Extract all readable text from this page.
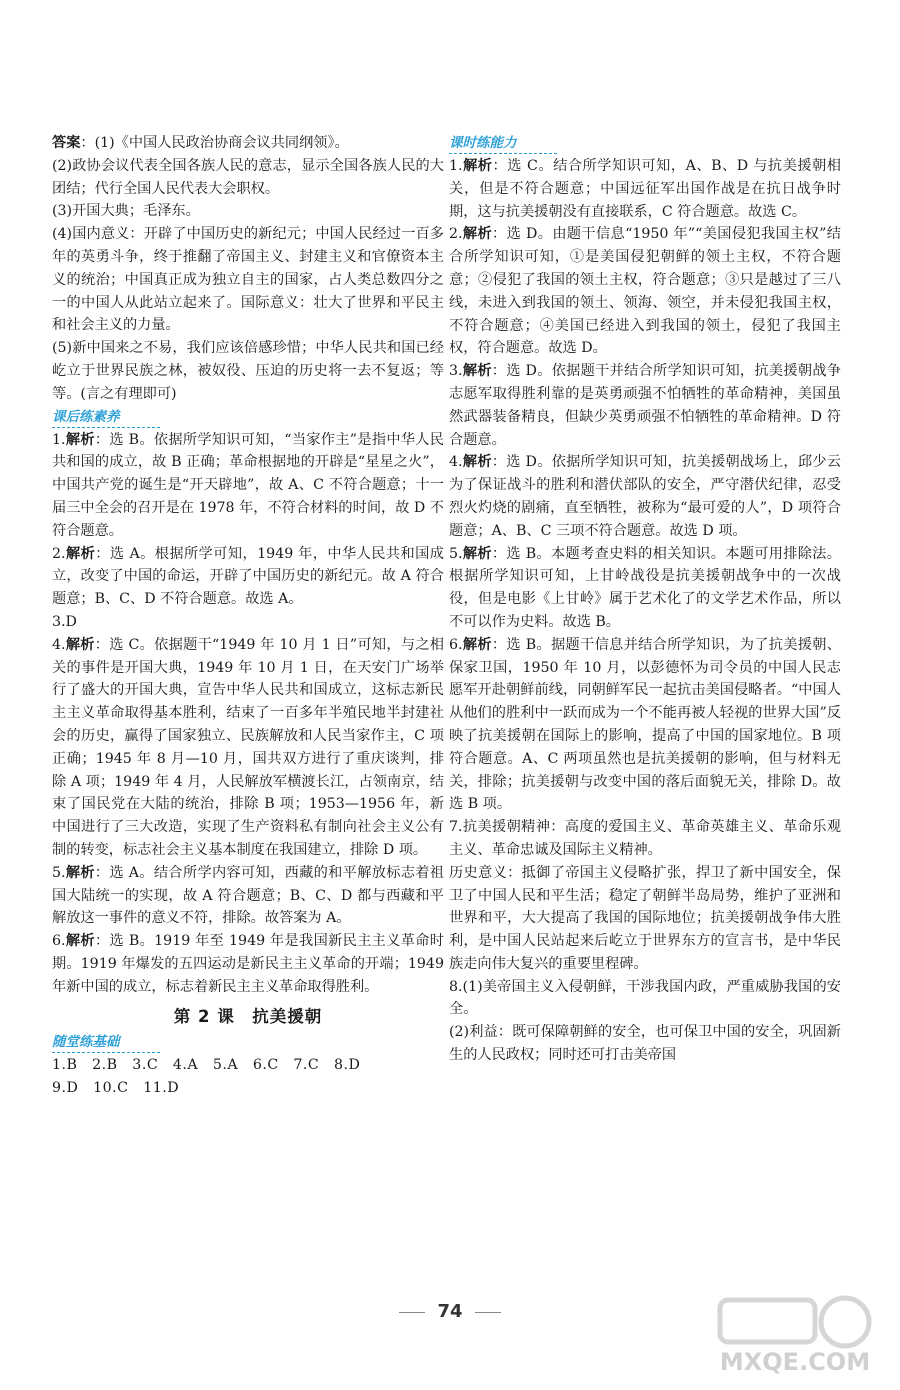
答案：(1)《中国人民政治协商会议共同纲领》。

(2)政协会议代表全国各族人民的意志，显示全国各族人民的大团结；代行全国人民代表大会职权。

(3)开国大典；毛泽东。

(4)国内意义：开辟了中国历史的新纪元；中国人民经过一百多年的英勇斗争，终于推翻了帝国主义、封建主义和官僚资本主义的统治；中国真正成为独立自主的国家，占人类总数四分之一的中国人从此站立起来了。国际意义：壮大了世界和平民主和社会主义的力量。

(5)新中国来之不易，我们应该倍感珍惜；中华人民共和国已经屹立于世界民族之林，被奴役、压迫的历史将一去不复返；等等。(言之有理即可)

课后练素养

1.解析：选 B。依据所学知识可知，“当家作主”是指中华人民共和国的成立，故 B 正确；革命根据地的开辟是“星星之火”，中国共产党的诞生是“开天辟地”，故 A、C 不符合题意；十一届三中全会的召开是在 1978 年，不符合材料的时间，故 D 不符合题意。

2.解析：选 A。根据所学可知，1949 年，中华人民共和国成立，改变了中国的命运，开辟了中国历史的新纪元。故 A 符合题意；B、C、D 不符合题意。故选 A。

3.D

4.解析：选 C。依据题干“1949 年 10 月 1 日”可知，与之相关的事件是开国大典，1949 年 10 月 1 日，在天安门广场举行了盛大的开国大典，宣告中华人民共和国成立，这标志新民主主义革命取得基本胜利，结束了一百多年半殖民地半封建社会的历史，赢得了国家独立、民族解放和人民当家作主，C 项正确；1945 年 8 月—10 月，国共双方进行了重庆谈判，排除 A 项；1949 年 4 月，人民解放军横渡长江，占领南京，结束了国民党在大陆的统治，排除 B 项；1953—1956 年，新中国进行了三大改造，实现了生产资料私有制向社会主义公有制的转变，标志社会主义基本制度在我国建立，排除 D 项。

5.解析：选 A。结合所学内容可知，西藏的和平解放标志着祖国大陆统一的实现，故 A 符合题意；B、C、D 都与西藏和平解放这一事件的意义不符，排除。故答案为 A。

6.解析：选 B。1919 年至 1949 年是我国新民主主义革命时期。1919 年爆发的五四运动是新民主主义革命的开端；1949 年新中国的成立，标志着新民主主义革命取得胜利。

第 2 课　抗美援朝
随堂练基础

1.B　2.B　3.C　4.A　5.A　6.C　7.C　8.D

9.D　10.C　11.D

课时练能力

1.解析：选 C。结合所学知识可知，A、B、D 与抗美援朝相关，但是不符合题意；中国远征军出国作战是在抗日战争时期，这与抗美援朝没有直接联系，C 符合题意。故选 C。

2.解析：选 D。由题干信息“1950 年”“美国侵犯我国主权”结合所学知识可知，①是美国侵犯朝鲜的领土主权，不符合题意；②侵犯了我国的领土主权，符合题意；③只是越过了三八线，未进入到我国的领土、领海、领空，并未侵犯我国主权，不符合题意；④美国已经进入到我国的领土，侵犯了我国主权，符合题意。故选 D。

3.解析：选 D。依据题干并结合所学知识可知，抗美援朝战争志愿军取得胜利靠的是英勇顽强不怕牺牲的革命精神，美国虽然武器装备精良，但缺少英勇顽强不怕牺牲的革命精神。D 符合题意。

4.解析：选 D。依据所学知识可知，抗美援朝战场上，邱少云为了保证战斗的胜利和潜伏部队的安全，严守潜伏纪律，忍受烈火灼烧的剧痛，直至牺牲，被称为“最可爱的人”，D 项符合题意；A、B、C 三项不符合题意。故选 D 项。

5.解析：选 B。本题考查史料的相关知识。本题可用排除法。根据所学知识可知，上甘岭战役是抗美援朝战争中的一次战役，但是电影《上甘岭》属于艺术化了的文学艺术作品，所以不可以作为史料。故选 B。

6.解析：选 B。据题干信息并结合所学知识，为了抗美援朝、保家卫国，1950 年 10 月，以彭德怀为司令员的中国人民志愿军开赴朝鲜前线，同朝鲜军民一起抗击美国侵略者。“中国人从他们的胜利中一跃而成为一个不能再被人轻视的世界大国”反映了抗美援朝在国际上的影响，提高了中国的国家地位。B 项符合题意。A、C 两项虽然也是抗美援朝的影响，但与材料无关，排除；抗美援朝与改变中国的落后面貌无关，排除 D。故选 B 项。

7.抗美援朝精神：高度的爱国主义、革命英雄主义、革命乐观主义、革命忠诚及国际主义精神。

历史意义：抵御了帝国主义侵略扩张，捍卫了新中国安全，保卫了中国人民和平生活；稳定了朝鲜半岛局势，维护了亚洲和世界和平，大大提高了我国的国际地位；抗美援朝战争伟大胜利，是中国人民站起来后屹立于世界东方的宣言书，是中华民族走向伟大复兴的重要里程碑。

8.(1)美帝国主义入侵朝鲜，干涉我国内政，严重威胁我国的安全。

(2)利益：既可保障朝鲜的安全，也可保卫中国的安全，巩固新生的人民政权；同时还可打击美帝国

74
MXQE.COM
